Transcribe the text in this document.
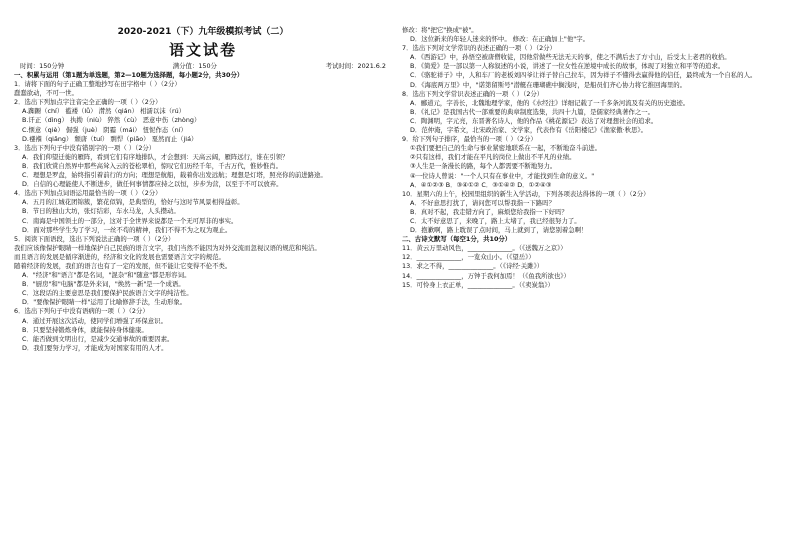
2020-2021（下）九年级模拟考试（二）
语文试卷
时间：150分钟	满分值：150分	考试时间：2021.6.2
一、积累与运用（第1题为单选题，第2—10题为选择题，每小题2分，共30分）
1．请将下面的句子正确工整地抄写在田字格中（ ）（2分）
蠢蠢欲动，不可一世。
2．选出下列加点字注音完全正确的一项（ ）（2分）
A.踟蹰（chí） 褴褛（lǚ） 潸然（qián） 相濡以沫（rú）
B.讦正（dìng） 执拗（niù） 猝然（cù） 恶意中伤（zhòng）
C.惬意（qiè） 倔强（juè） 阴霾（mái） 忸怩作态（ní）
D.襁褓（qiǎng） 颓唐（tuí） 剽悍（piāo） 戛然而止（jiá）
3．选出下列句子中没有错别字的一项（ ）（2分）
A．我们仰望迁徙的雁阵，看到它们有序地排队，才会想到：天高云阔，雁阵远行，谁在引领？
B．我们欣赏自然界中那些高耸入云的苍松翠柏，惊叹它们历经千年，千古万代，惟妙惟肖。
C．理想是罗盘，始终指引着前行的方向；理想是航船，载着你出发远航；理想是灯塔，照亮你的前进路途。
D．自信的心理能使人不断进步，做任何事情都应持之以恒，步步为营，以至于不可以放弃。
4．选出下列加点词语运用最恰当的一项（ ）（2分）
A．五月的江城花团锦簇，繁花似锦，是典型的，恰好与这时节风景相得益彰。
B．节日的独山大坊，张灯结彩，车水马龙，人头攒动。
C．南海是中国领土的一部分，这对于全世界来说都是一个无可厚非的事实。
D．面对那些学生为了学习，一丝不苟的精神，我们不得不为之叹为观止。
5．阅读下面语段，选出下列说法正确的一项（ ）（2分）
我们应该像保护眼睛一样地保护自己民族的语言文字，我们当然不能因为对外交流而忽视汉语的规范和纯洁。
而且语言的发展是循序渐进的，经济和文化的发展也需要语言文字的规范。
随着经济的发展，我们的语言也有了一定的发展，但不能让它变得不伦不类。
A．"经济"和"语言"都是名词，"混杂"和"随意"都是形容词。
B．"厨房"和"电脑"都是外来词，"焕然一新"是一个成语。
C．这段话的主要意思是我们要保护民族语言文字的纯洁性。
D．"要像保护眼睛一样"运用了比喻修辞手法，生动形象。
6．选出下列句子中没有语病的一项（ ）（2分）
A．通过开展这次活动，使同学们增强了环保意识。
B．只要坚持锻炼身体，就能保持身体健康。
C．能否做到文明出行，是减少交通事故的重要因素。
D．我们要努力学习，才能成为对国家有用的人才。
修改：将"把它"换成"被"。
D．这位新来的年轻人迷来的怀中。 修改：在正确加上"他"字。
7．选出下列对文学常识的表述正确的一项（ ）（2分）
A．《西游记》中，孙悟空被唐僧收徒，因他常做些无法无天的事，使之不满后去了方寸山，后受太上老君的收拾。
B．《简爱》是一部以第一人称叙述的小说，讲述了一位女性在逆境中成长的故事，体现了对独立和平等的追求。
C．《骆驼祥子》中，人和车厂的老板刘四爷让祥子替自己拉车，因为祥子不懂得去赢得他的信任，最终成为一个自私的人。
D．《海底两万里》中，"诺第留斯号"潜艇在珊瑚礁中搁浅时，是船员们齐心协力将它推回海里的。
8．选出下列文学常识表述正确的一项（ ）（2分）
A．郦道元，字善长，北魏地理学家，他的《水经注》详细记载了一千多条河流及有关的历史遗迹。
B．《礼记》是我国古代一部重要的典章制度选集，共四十九篇，是儒家经典著作之一。
C．陶渊明，字元亮，东晋著名诗人，他的作品《桃花源记》表达了对理想社会的追求。
D．范仲淹，字希文，北宋政治家、文学家，代表作有《岳阳楼记》《渔家傲·秋思》。
9．给下列句子排序，最恰当的一项（ ）（2分）
①我们要把自己的生命与事业紧密地联系在一起，不断地奋斗前进。
②只有这样，我们才能在平凡的岗位上做出不平凡的业绩。
③人生是一条漫长的路，每个人都需要不断地努力。
④一位诗人曾说："一个人只有在事业中，才能找到生命的意义。"
A．④①②③ B．③④①② C．③①④② D．①②④③
10．星期六的上午，校园里组织的新生入学活动，下列各项表达得体的一项（ ）（2分）
A．不好意思打扰了，请问您可以帮我指一下路吗？
B．真对不起，我走错方向了，麻烦您给我指一下好吗？
C．太不好意思了，来晚了，路上太堵了，我已经很努力了。
D．抱歉啊，路上耽误了点时间，马上就到了，请您别着急啊！
二、古诗文默写（每空1分，共10分）
11．黄云万里动风色，______________。（《送魏万之京》）
12．______________，一览众山小。（《望岳》）
13．求之不得，______________。（《诗经·关雎》）
14．______________，万钟于我何加焉！（《鱼我所欲也》）
15．可怜身上衣正单，______________。（《卖炭翁》）
